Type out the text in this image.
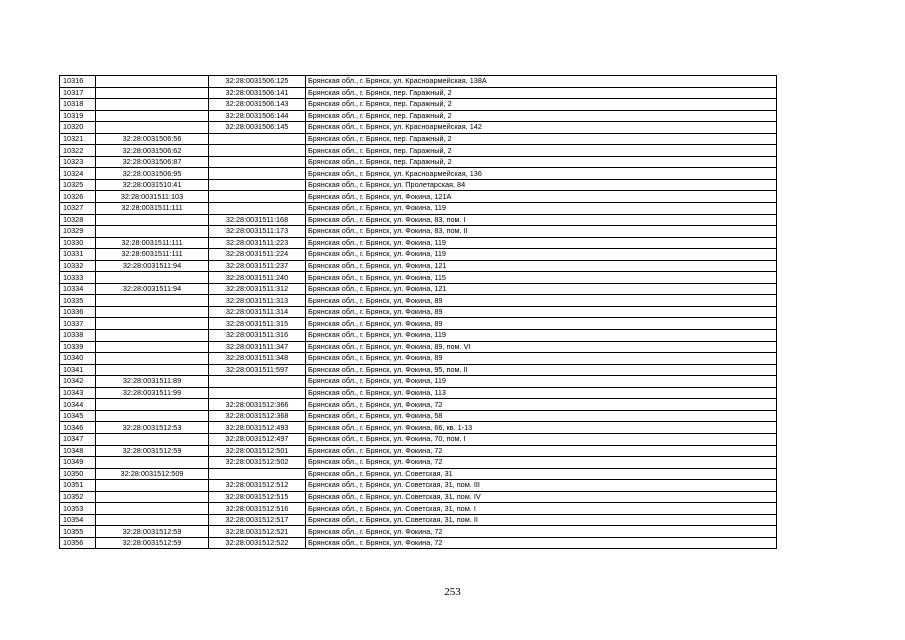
10316		32:28:0031506:125	Брянская обл., г. Брянск, ул. Красноармейская, 138А
10317		32:28:0031506:141	Брянская обл., г. Брянск, пер. Гаражный, 2
10318		32:28:0031506:143	Брянская обл., г. Брянск, пер. Гаражный, 2
10319		32:28:0031506:144	Брянская обл., г. Брянск, пер. Гаражный, 2
10320		32:28:0031506:145	Брянская обл., г. Брянск, ул. Красноармейская, 142
10321	32:28:0031506:56		Брянская обл., г. Брянск, пер. Гаражный, 2
10322	32:28:0031506:62		Брянская обл., г. Брянск, пер. Гаражный, 2
10323	32:28:0031506:87		Брянская обл., г. Брянск, пер. Гаражный, 2
10324	32:28:0031506:95		Брянская обл., г. Брянск, ул. Красноармейская, 136
10325	32:28:0031510:41		Брянская обл., г. Брянск, ул. Пролетарская, 84
10326	32:28:0031511:103		Брянская обл., г. Брянск, ул. Фокина, 121А
10327	32:28:0031511:111		Брянская обл., г. Брянск, ул. Фокина, 119
10328		32:28:0031511:168	Брянская обл., г. Брянск, ул. Фокина, 83, пом. I
10329		32:28:0031511:173	Брянская обл., г. Брянск, ул. Фокина, 83, пом. II
10330	32:28:0031511:111	32:28:0031511:223	Брянская обл., г. Брянск, ул. Фокина, 119
10331	32:28:0031511:111	32:28:0031511:224	Брянская обл., г. Брянск, ул. Фокина, 119
10332	32:28:0031511:94	32:28:0031511:237	Брянская обл., г. Брянск, ул. Фокина, 121
10333		32:28:0031511:240	Брянская обл., г. Брянск, ул. Фокина, 115
10334	32:28:0031511:94	32:28:0031511:312	Брянская обл., г. Брянск, ул. Фокина, 121
10335		32:28:0031511:313	Брянская обл., г. Брянск, ул. Фокина, 89
10336		32:28:0031511:314	Брянская обл., г. Брянск, ул. Фокина, 89
10337		32:28:0031511:315	Брянская обл., г. Брянск, ул. Фокина, 89
10338		32:28:0031511:316	Брянская обл., г. Брянск, ул. Фокина, 119
10339		32:28:0031511:347	Брянская обл., г. Брянск, ул. Фокина, 89, пом. VI
10340		32:28:0031511:348	Брянская обл., г. Брянск, ул. Фокина, 89
10341		32:28:0031511:597	Брянская обл., г. Брянск, ул. Фокина, 95, пом. II
10342	32:28:0031511:89		Брянская обл., г. Брянск, ул. Фокина, 119
10343	32:28:0031511:99		Брянская обл., г. Брянск, ул. Фокина, 113
10344		32:28:0031512:366	Брянская обл., г. Брянск, ул. Фокина, 72
10345		32:28:0031512:368	Брянская обл., г. Брянск, ул. Фокина, 58
10346	32:28:0031512:53	32:28:0031512:493	Брянская обл., г. Брянск, ул. Фокина, 66, кв. 1-13
10347		32:28:0031512:497	Брянская обл., г. Брянск, ул. Фокина, 70, пом. I
10348	32:28:0031512:59	32:28:0031512:501	Брянская обл., г. Брянск, ул. Фокина, 72
10349		32:28:0031512:502	Брянская обл., г. Брянск, ул. Фокина, 72
10350	32:28:0031512:509		Брянская обл., г. Брянск, ул. Советская, 31
10351		32:28:0031512:512	Брянская обл., г. Брянск, ул. Советская, 31, пом. III
10352		32:28:0031512:515	Брянская обл., г. Брянск, ул. Советская, 31, пом. IV
10353		32:28:0031512:516	Брянская обл., г. Брянск, ул. Советская, 31, пом. I
10354		32:28:0031512:517	Брянская обл., г. Брянск, ул. Советская, 31, пом. II
10355	32:28:0031512:59	32:28:0031512:521	Брянская обл., г. Брянск, ул. Фокина, 72
10356	32:28:0031512:59	32:28:0031512:522	Брянская обл., г. Брянск, ул. Фокина, 72
253
